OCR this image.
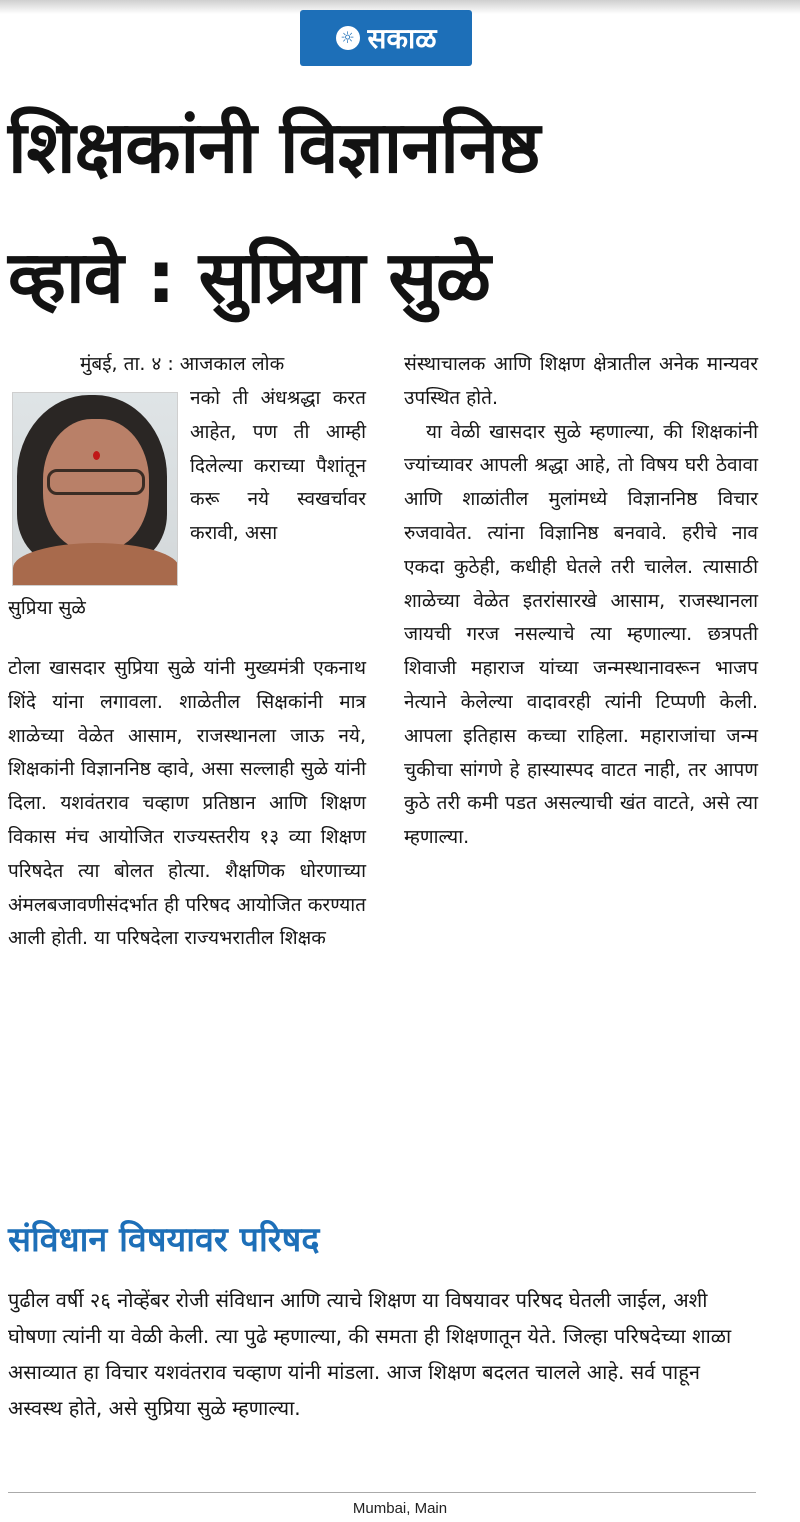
☼ सकाळ
शिक्षकांनी विज्ञाननिष्ठ
व्हावे : सुप्रिया सुळे
मुंबई, ता. ४ : आजकाल लोक

नको ती अंधश्रद्धा करत आहेत, पण ती आम्ही दिलेल्या कराच्या पैशांतून करू नये स्वखर्चावर करावी, असा

सुप्रिया सुळे

टोला खासदार सुप्रिया सुळे यांनी मुख्यमंत्री एकनाथ शिंदे यांना लगावला. शाळेतील सिक्षकांनी मात्र शाळेच्या वेळेत आसाम, राजस्थानला जाऊ नये, शिक्षकांनी विज्ञाननिष्ठ व्हावे, असा सल्लाही सुळे यांनी दिला. यशवंतराव चव्हाण प्रतिष्ठान आणि शिक्षण विकास मंच आयोजित राज्यस्तरीय १३ व्या शिक्षण परिषदेत त्या बोलत होत्या. शैक्षणिक धोरणाच्या अंमलबजावणीसंदर्भात ही परिषद आयोजित करण्यात आली होती. या परिषदेला राज्यभरातील शिक्षक

संस्थाचालक आणि शिक्षण क्षेत्रातील अनेक मान्यवर उपस्थित होते.
या वेळी खासदार सुळे म्हणाल्या, की शिक्षकांनी ज्यांच्यावर आपली श्रद्धा आहे, तो विषय घरी ठेवावा आणि शाळांतील मुलांमध्ये विज्ञाननिष्ठ विचार रुजवावेत. त्यांना विज्ञानिष्ठ बनवावे. हरीचे नाव एकदा कुठेही, कधीही घेतले तरी चालेल. त्यासाठी शाळेच्या वेळेत इतरांसारखे आसाम, राजस्थानला जायची गरज नसल्याचे त्या म्हणाल्या. छत्रपती शिवाजी महाराज यांच्या जन्मस्थानावरून भाजप नेत्याने केलेल्या वादावरही त्यांनी टिप्पणी केली. आपला इतिहास कच्चा राहिला. महाराजांचा जन्म चुकीचा सांगणे हे हास्यास्पद वाटत नाही, तर आपण कुठे तरी कमी पडत असल्याची खंत वाटते, असे त्या म्हणाल्या.
संविधान विषयावर परिषद

पुढील वर्षी २६ नोव्हेंबर रोजी संविधान आणि त्याचे शिक्षण या विषयावर परिषद घेतली जाईल, अशी घोषणा त्यांनी या वेळी केली. त्या पुढे म्हणाल्या, की समता ही शिक्षणातून येते. जिल्हा परिषदेच्या शाळा असाव्यात हा विचार यशवंतराव चव्हाण यांनी मांडला. आज शिक्षण बदलत चालले आहे. सर्व पाहून अस्वस्थ होते, असे सुप्रिया सुळे म्हणाल्या.

Mumbai, Main
